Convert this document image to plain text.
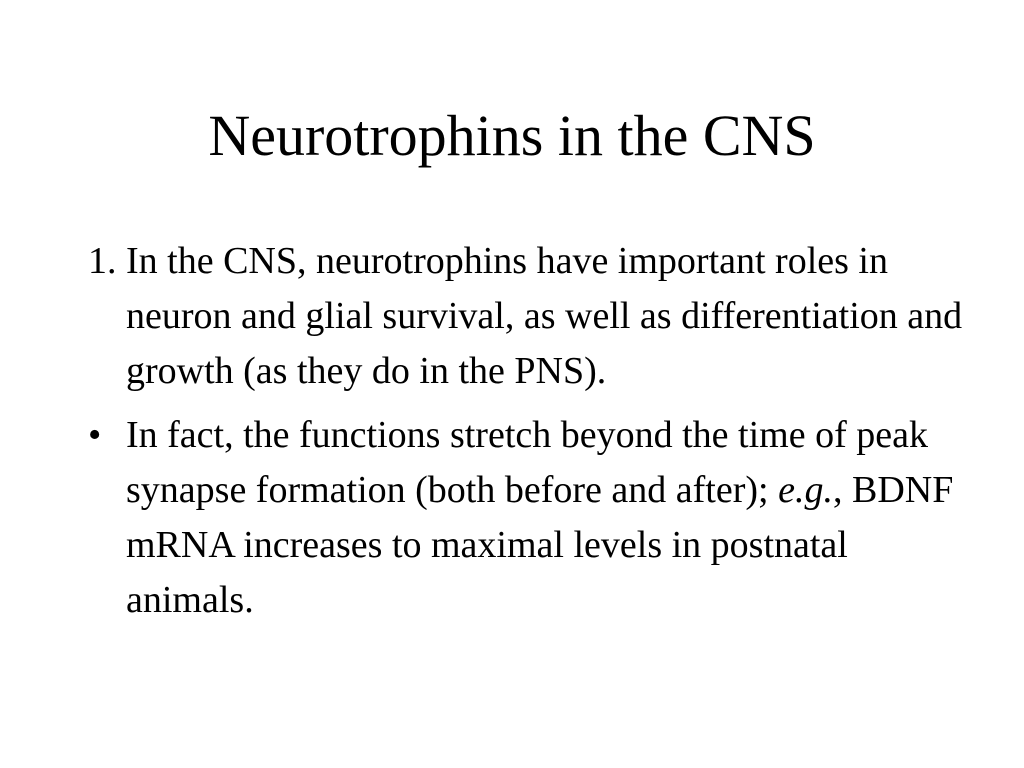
Neurotrophins in the CNS
1. In the CNS, neurotrophins have important roles in neuron and glial survival, as well as differentiation and growth (as they do in the PNS).
• In fact, the functions stretch beyond the time of peak synapse formation (both before and after); e.g., BDNF mRNA increases to maximal levels in postnatal animals.
